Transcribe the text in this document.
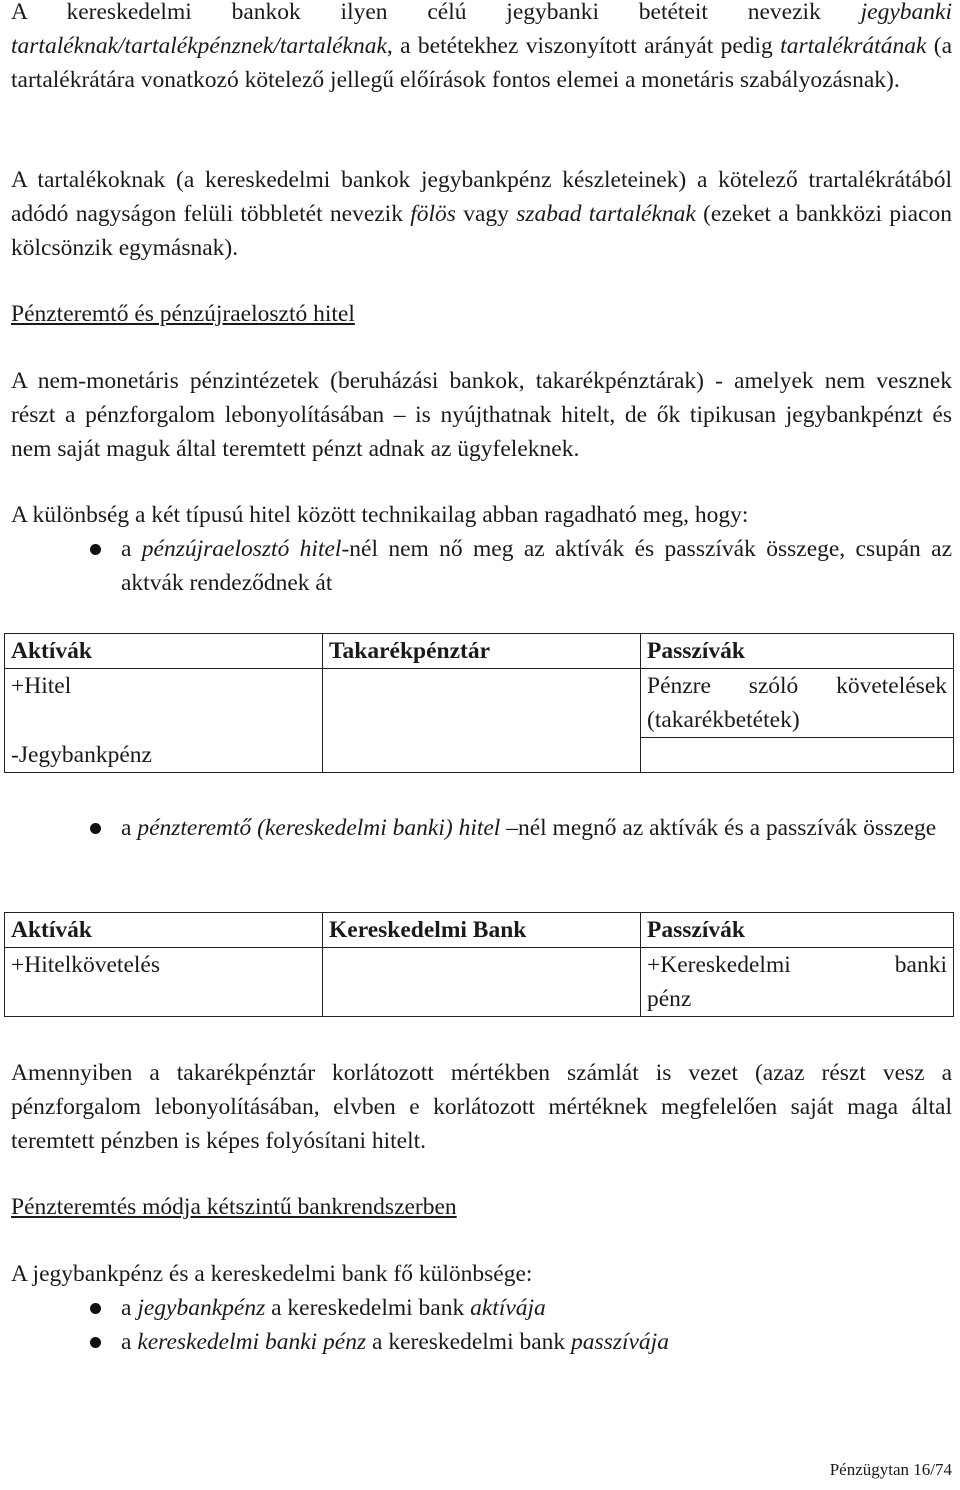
A kereskedelmi bankok ilyen célú jegybanki betéteit nevezik jegybanki tartaléknak/tartalékpénznek/tartaléknak, a betétekhez viszonyított arányát pedig tartalékrátának (a tartalékrátára vonatkozó kötelező jellegű előírások fontos elemei a monetáris szabályozásnak).

A tartalékoknak (a kereskedelmi bankok jegybankpénz készleteinek) a kötelező trartalékrátából adódó nagyságon felüli többletét nevezik fölös vagy szabad tartaléknak (ezeket a bankközi piacon kölcsönzik egymásnak).

Pénzteremtő és pénzújraelosztó hitel

A nem-monetáris pénzintézetek (beruházási bankok, takarékpénztárak) - amelyek nem vesznek részt a pénzforgalom lebonyolításában – is nyújthatnak hitelt, de ők tipikusan jegybankpénzt és nem saját maguk által teremtett pénzt adnak az ügyfeleknek.

A különbség a két típusú hitel között technikailag abban ragadható meg, hogy:

a pénzújraelosztó hitel-nél nem nő meg az aktívák és passzívák összege, csupán az aktvák rendeződnek át

Aktívák	Takarékpénztár	Passzívák
+Hitel		Pénzre szóló követelések (takarékbetétek)
-Jegybankpénz		

a pénzteremtő (kereskedelmi banki) hitel –nél megnő az aktívák és a passzívák összege

Aktívák	Kereskedelmi Bank	Passzívák
+Hitelkövetelés		+Kereskedelmi banki
pénz

Amennyiben a takarékpénztár korlátozott mértékben számlát is vezet (azaz részt vesz a pénzforgalom lebonyolításában, elvben e korlátozott mértéknek megfelelően saját maga által teremtett pénzben is képes folyósítani hitelt.

Pénzteremtés módja kétszintű bankrendszerben

A jegybankpénz és a kereskedelmi bank fő különbsége:

a jegybankpénz a kereskedelmi bank aktívája

a kereskedelmi banki pénz a kereskedelmi bank passzívája

Pénzügytan 16/74
